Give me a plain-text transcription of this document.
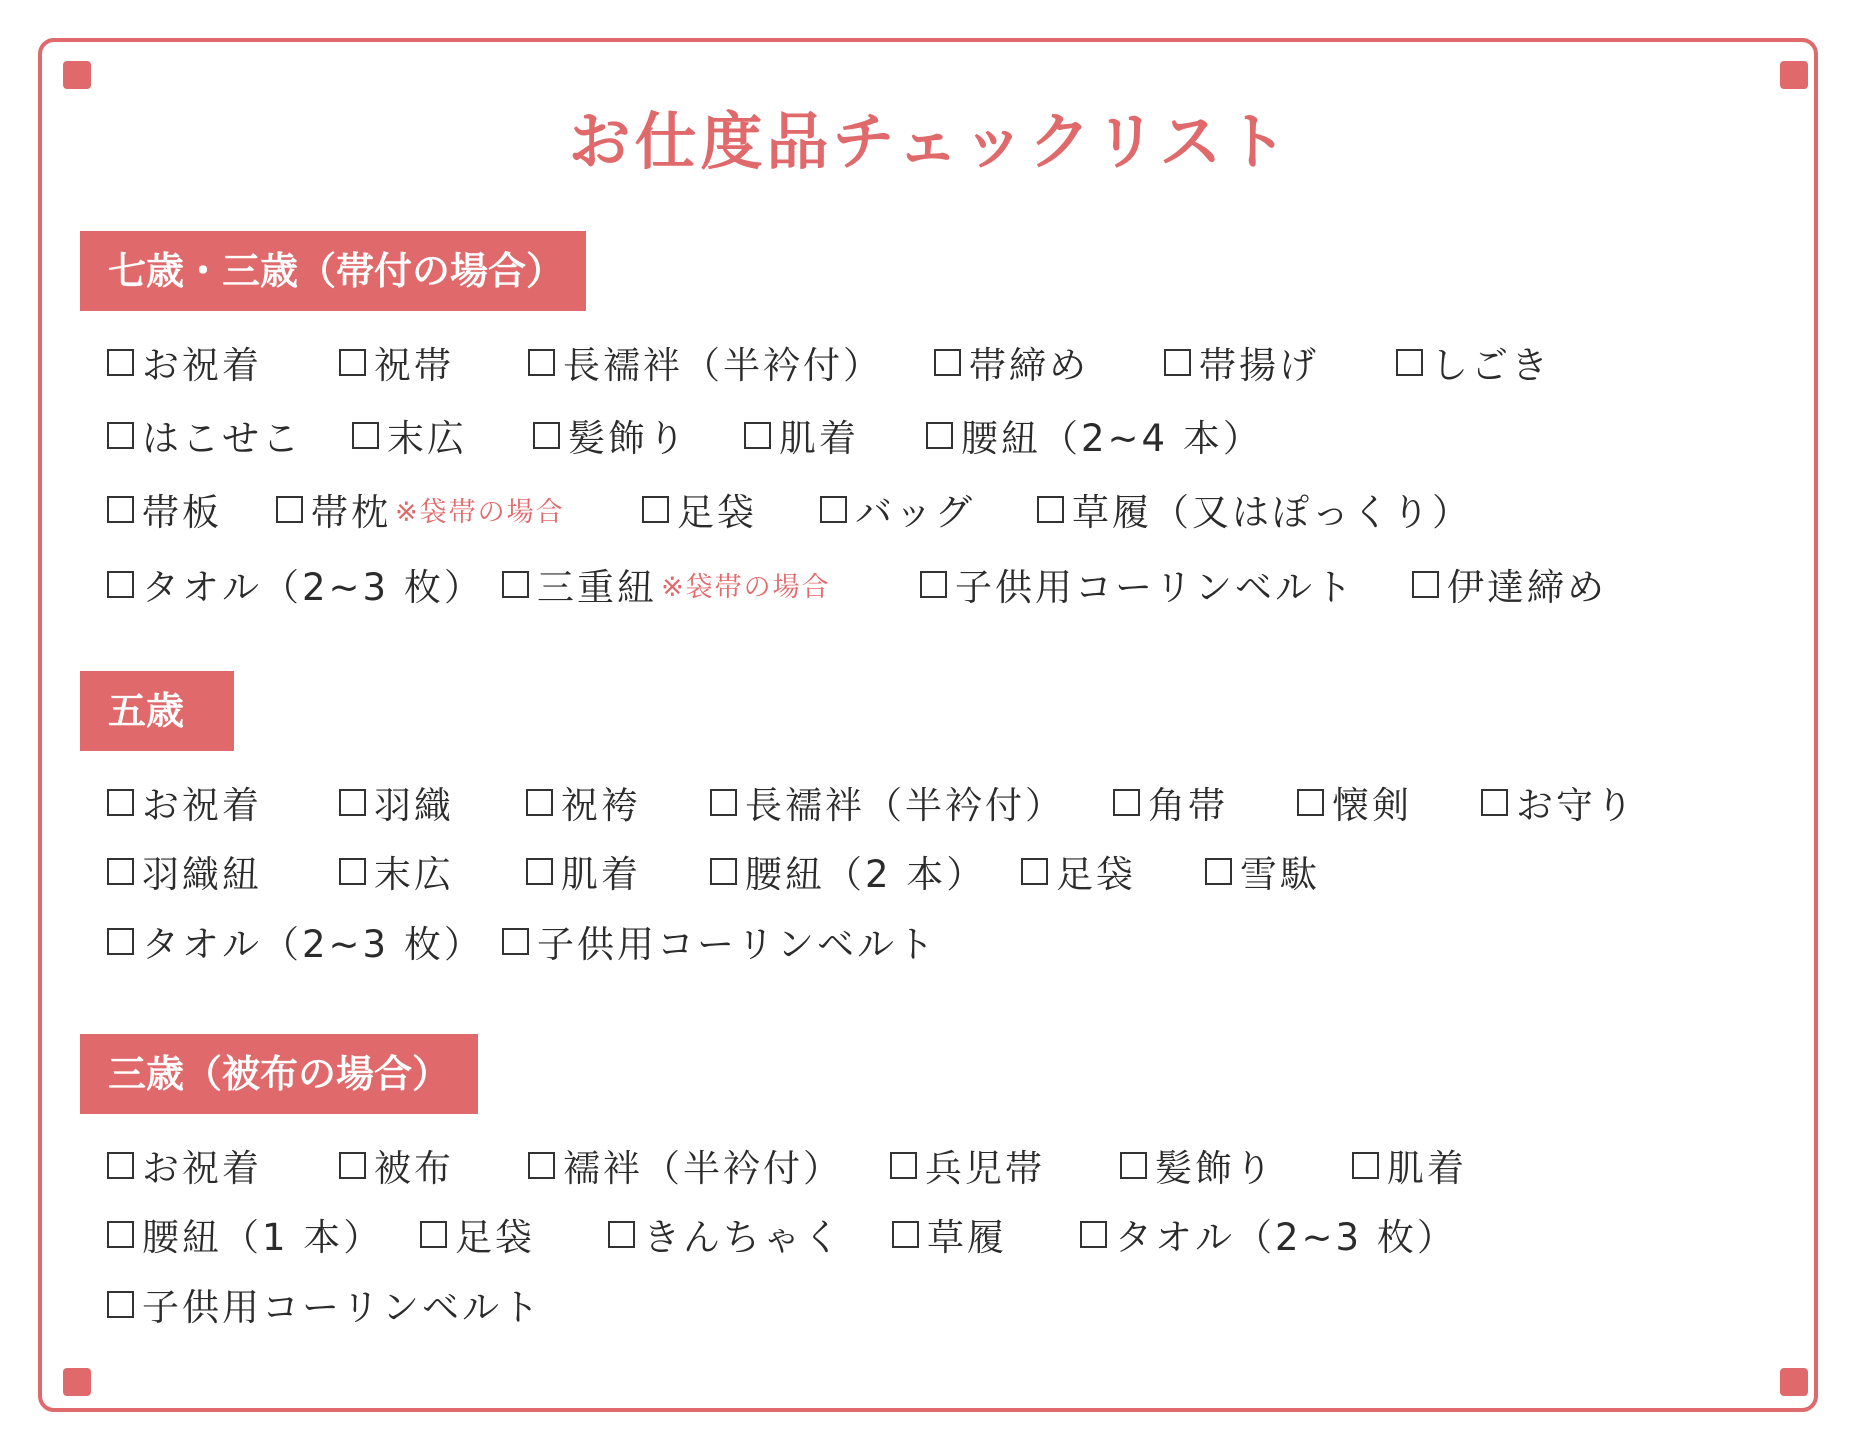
お仕度品チェックリスト
七歳・三歳（帯付の場合）
お祝着	祝帯	長襦袢（半衿付） 帯締め	帯揚げ	しごき
はこせこ 末広	髪飾り 肌着	腰紐（2~4 本）
帯板 帯枕 ※袋帯の場合	足袋	バッグ	草履（又はぽっくり）
タオル（2~3 枚） 三重紐 ※袋帯の場合	子供用コーリンベルト 伊達締め
五歳
お祝着	羽織	祝袴	長襦袢（半衿付） 角帯	懐剣	お守り
羽織紐	末広	肌着	腰紐（2 本） 足袋	雪駄
タオル（2~3 枚） 子供用コーリンベルト
三歳（被布の場合）
お祝着	被布	襦袢（半衿付） 兵児帯	髪飾り	肌着
腰紐（1 本） 足袋	きんちゃく 草履	タオル（2~3 枚）
子供用コーリンベルト
